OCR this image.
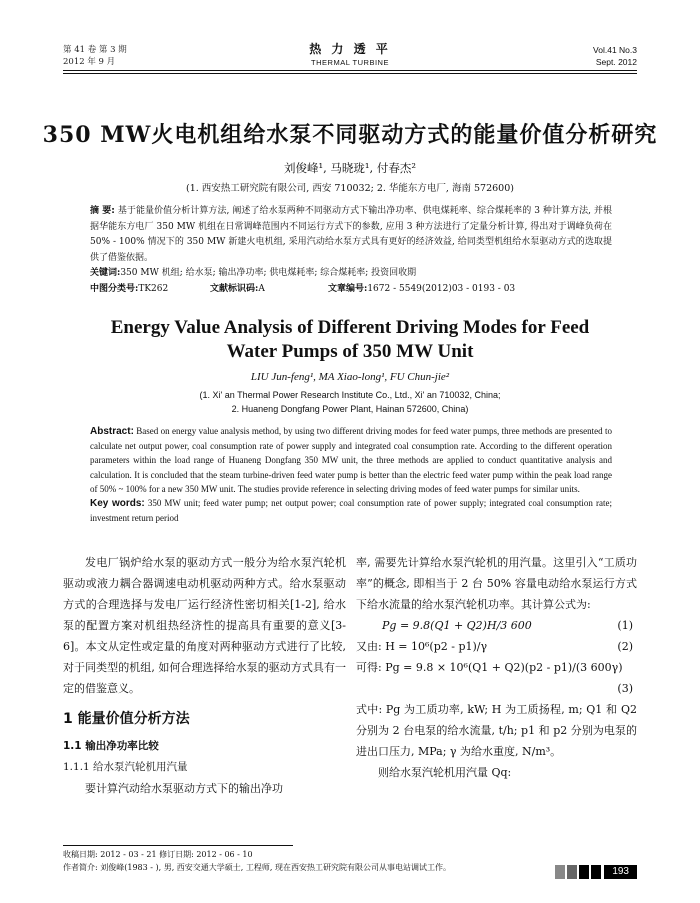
第 41 卷 第 3 期
2012 年 9 月
热 力 透 平
THERMAL TURBINE
Vol.41 No.3
Sept. 2012
350 MW火电机组给水泵不同驱动方式的能量价值分析研究
刘俊峰¹, 马晓珑¹, 付春杰²
(1. 西安热工研究院有限公司, 西安 710032; 2. 华能东方电厂, 海南 572600)
摘 要: 基于能量价值分析计算方法, 阐述了给水泵两种不同驱动方式下输出净功率、供电煤耗率、综合煤耗率的 3 种计算方法, 并根据华能东方电厂 350 MW 机组在日常调峰范围内不同运行方式下的参数, 应用 3 种方法进行了定量分析计算, 得出对于调峰负荷在 50% - 100% 情况下的 350 MW 新建火电机组, 采用汽动给水泵方式具有更好的经济效益, 给同类型机组给水泵驱动方式的选取提供了借鉴依据。
关键词:350 MW 机组; 给水泵; 输出净功率; 供电煤耗率; 综合煤耗率; 投资回收期
中图分类号: TK262	文献标识码: A	文章编号: 1672 - 5549(2012)03 - 0193 - 03
Energy Value Analysis of Different Driving Modes for Feed Water Pumps of 350 MW Unit
LIU Jun-feng¹, MA Xiao-long¹, FU Chun-jie²
(1. Xi' an Thermal Power Research Institute Co., Ltd., Xi' an 710032, China;
2. Huaneng Dongfang Power Plant, Hainan 572600, China)
Abstract: Based on energy value analysis method, by using two different driving modes for feed water pumps, three methods are presented to calculate net output power, coal consumption rate of power supply and integrated coal consumption rate. According to the different operation parameters within the load range of Huaneng Dongfang 350 MW unit, the three methods are applied to conduct quantitative analysis and calculation. It is concluded that the steam turbine-driven feed water pump is better than the electric feed water pump within the peak load range of 50% ~ 100% for a new 350 MW unit. The studies provide reference in selecting driving modes of feed water pumps for similar units.
Key words: 350 MW unit; feed water pump; net output power; coal consumption rate of power supply; integrated coal consumption rate; investment return period

发电厂锅炉给水泵的驱动方式一般分为给水泵汽轮机驱动或液力耦合器调速电动机驱动两种方式。给水泵驱动方式的合理选择与发电厂运行经济性密切相关[1-2], 给水泵的配置方案对机组热经济性的提高具有重要的意义[3-6]。本文从定性或定量的角度对两种驱动方式进行了比较, 对于同类型的机组, 如何合理选择给水泵的驱动方式具有一定的借鉴意义。

1 能量价值分析方法

1.1 输出净功率比较

1.1.1 给水泵汽轮机用汽量

要计算汽动给水泵驱动方式下的输出净功

率, 需要先计算给水泵汽轮机的用汽量。这里引入“工质功率”的概念, 即相当于 2 台 50% 容量电动给水泵运行方式下给水流量的给水泵汽轮机功率。其计算公式为:

Pg = 9.8(Q1 + Q2)H/3 600	(1)
又由: H = 10⁶(p2 - p1)/γ	(2)
可得: Pg = 9.8 × 10⁶(Q1 + Q2)(p2 - p1)/(3 600γ)
(3)

式中: Pg 为工质功率, kW; H 为工质扬程, m; Q1 和 Q2 分别为 2 台电泵的给水流量, t/h; p1 和 p2 分别为电泵的进出口压力, MPa; γ 为给水重度, N/m³。

则给水泵汽轮机用汽量 Qq:

收稿日期: 2012 - 03 - 21 修订日期: 2012 - 06 - 10
作者简介: 刘俊峰(1983 - ), 男, 西安交通大学硕士, 工程师, 现在西安热工研究院有限公司从事电站调试工作。	193
